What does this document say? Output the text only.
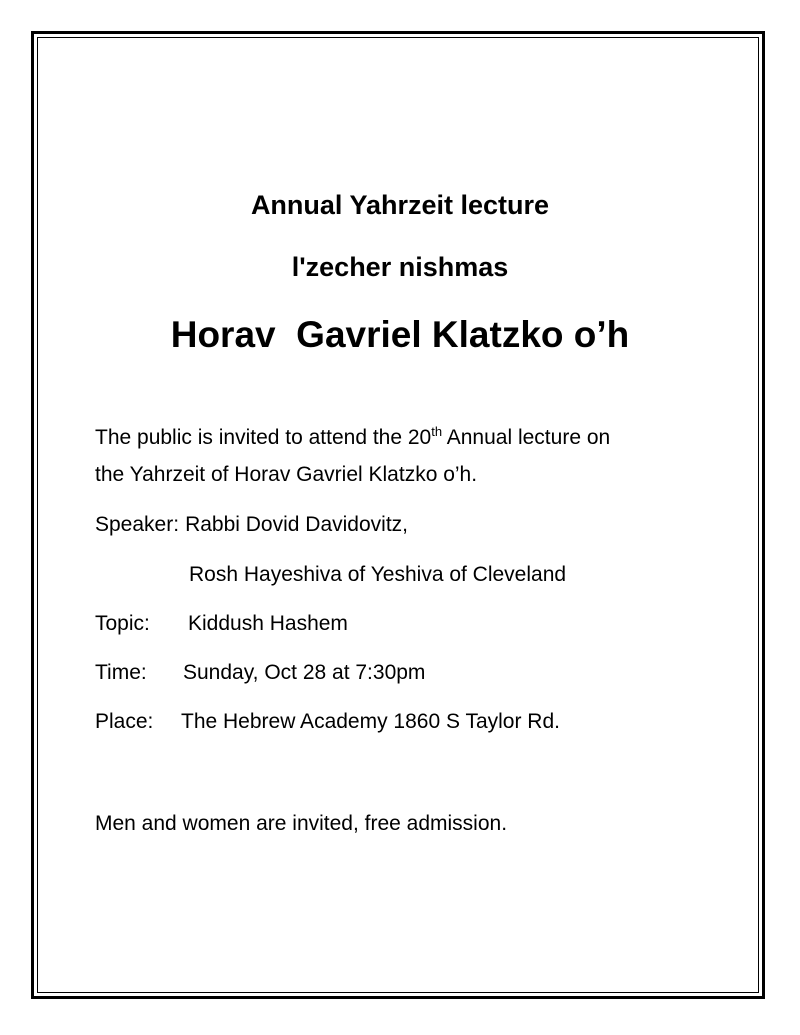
Annual Yahrzeit lecture
l'zecher nishmas
Horav  Gavriel Klatzko o’h
The public is invited to attend the 20th Annual lecture on
the Yahrzeit of Horav Gavriel Klatzko o’h.
Speaker: Rabbi Dovid Davidovitz,
Rosh Hayeshiva of Yeshiva of Cleveland
Topic: Kiddush Hashem
Time: Sunday, Oct 28 at 7:30pm
Place: The Hebrew Academy 1860 S Taylor Rd.
Men and women are invited, free admission.
